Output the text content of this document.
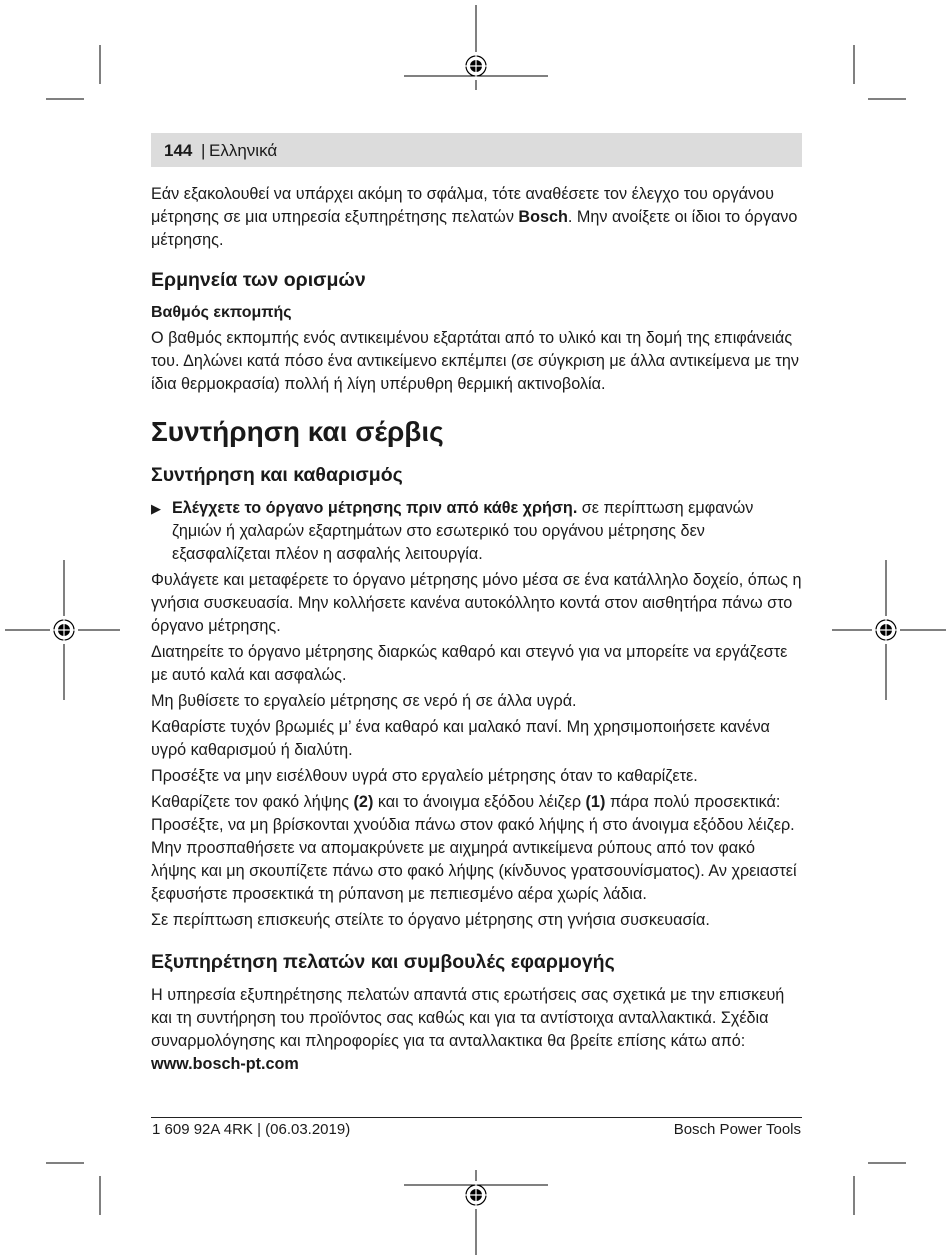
144 | Ελληνικά

Εάν εξακολουθεί να υπάρχει ακόμη το σφάλμα, τότε αναθέσετε τον έλεγχο του οργάνου μέτρησης σε μια υπηρεσία εξυπηρέτησης πελατών Bosch. Μην ανοίξετε οι ίδιοι το όργανο μέτρησης.

Ερμηνεία των ορισμών
Βαθμός εκπομπής

Ο βαθμός εκπομπής ενός αντικειμένου εξαρτάται από το υλικό και τη δομή της επιφάνειάς του. Δηλώνει κατά πόσο ένα αντικείμενο εκπέμπει (σε σύγκριση με άλλα αντικείμενα με την ίδια θερμοκρασία) πολλή ή λίγη υπέρυθρη θερμική ακτινοβολία.

Συντήρηση και σέρβις
Συντήρηση και καθαρισμός
▶ Ελέγχετε το όργανο μέτρησης πριν από κάθε χρήση. σε περίπτωση εμφανών ζημιών ή χαλαρών εξαρτημάτων στο εσωτερικό του οργάνου μέτρησης δεν εξασφαλίζεται πλέον η ασφαλής λειτουργία.

Φυλάγετε και μεταφέρετε το όργανο μέτρησης μόνο μέσα σε ένα κατάλληλο δοχείο, όπως η γνήσια συσκευασία. Μην κολλήσετε κανένα αυτοκόλλητο κοντά στον αισθητήρα πάνω στο όργανο μέτρησης.

Διατηρείτε το όργανο μέτρησης διαρκώς καθαρό και στεγνό για να μπορείτε να εργάζεστε με αυτό καλά και ασφαλώς.

Μη βυθίσετε το εργαλείο μέτρησης σε νερό ή σε άλλα υγρά.

Καθαρίστε τυχόν βρωμιές μ’ ένα καθαρό και μαλακό πανί. Μη χρησιμοποιήσετε κανένα υγρό καθαρισμού ή διαλύτη.

Προσέξτε να μην εισέλθουν υγρά στο εργαλείο μέτρησης όταν το καθαρίζετε.

Καθαρίζετε τον φακό λήψης (2) και το άνοιγμα εξόδου λέιζερ (1) πάρα πολύ προσεκτικά: Προσέξτε, να μη βρίσκονται χνούδια πάνω στον φακό λήψης ή στο άνοιγμα εξόδου λέιζερ. Μην προσπαθήσετε να απομακρύνετε με αιχμηρά αντικείμενα ρύπους από τον φακό λήψης και μη σκουπίζετε πάνω στο φακό λήψης (κίνδυνος γρατσουνίσματος). Αν χρειαστεί ξεφυσήστε προσεκτικά τη ρύπανση με πεπιεσμένο αέρα χωρίς λάδια.

Σε περίπτωση επισκευής στείλτε το όργανο μέτρησης στη γνήσια συσκευασία.

Εξυπηρέτηση πελατών και συμβουλές εφαρμογής

Η υπηρεσία εξυπηρέτησης πελατών απαντά στις ερωτήσεις σας σχετικά με την επισκευή και τη συντήρηση του προϊόντος σας καθώς και για τα αντίστοιχα ανταλλακτικά. Σχέδια συναρμολόγησης και πληροφορίες για τα ανταλλακτικα θα βρείτε επίσης κάτω από:

www.bosch-pt.com
1 609 92A 4RK | (06.03.2019)	Bosch Power Tools
